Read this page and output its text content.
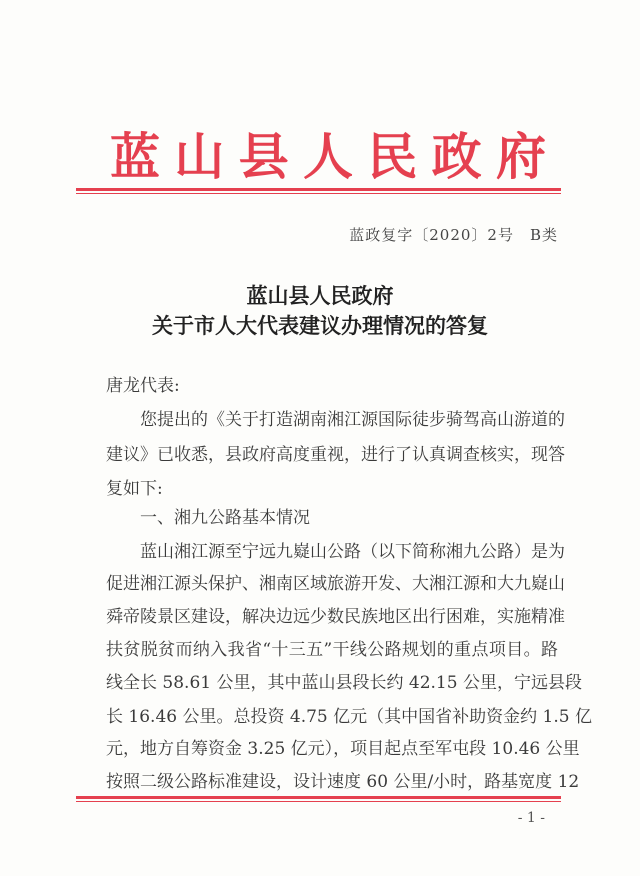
蓝 山 县 人 民 政 府
蓝政复字〔2020〕2号　B类
蓝山县人民政府
关于市人大代表建议办理情况的答复
唐龙代表:
　　您提出的《关于打造湖南湘江源国际徒步骑驾高山游道的
建议》已收悉，县政府高度重视，进行了认真调查核实，现答
复如下:
　　一、湘九公路基本情况
　　蓝山湘江源至宁远九嶷山公路（以下简称湘九公路）是为
促进湘江源头保护、湘南区域旅游开发、大湘江源和大九嶷山
舜帝陵景区建设，解决边远少数民族地区出行困难，实施精准
扶贫脱贫而纳入我省“十三五”干线公路规划的重点项目。路
线全长 58.61 公里，其中蓝山县段长约 42.15 公里，宁远县段
长 16.46 公里。总投资 4.75 亿元（其中国省补助资金约 1.5 亿
元，地方自筹资金 3.25 亿元），项目起点至军屯段 10.46 公里
按照二级公路标准建设，设计速度 60 公里/小时，路基宽度 12
- 1 -
